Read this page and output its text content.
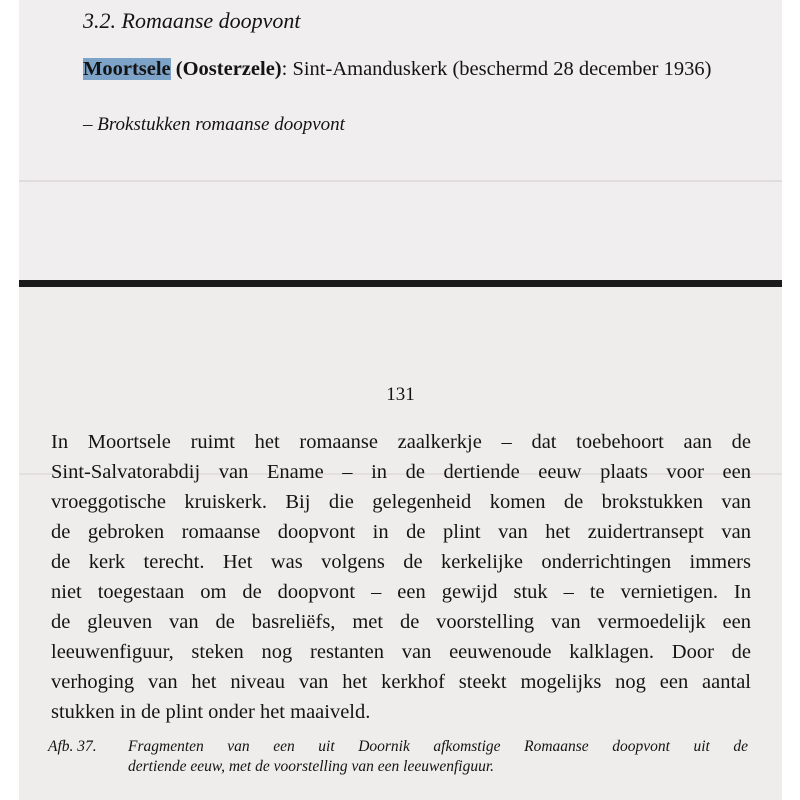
3.2. Romaanse doopvont
Moortsele (Oosterzele): Sint-Amanduskerk (beschermd 28 december 1936)
– Brokstukken romaanse doopvont
131
In Moortsele ruimt het romaanse zaalkerkje – dat toebehoort aan de
Sint-Salvatorabdij van Ename – in de dertiende eeuw plaats voor een
vroeggotische kruiskerk. Bij die gelegenheid komen de brokstukken van
de gebroken romaanse doopvont in de plint van het zuidertransept van
de kerk terecht. Het was volgens de kerkelijke onderrichtingen immers
niet toegestaan om de doopvont – een gewijd stuk – te vernietigen. In
de gleuven van de basreliëfs, met de voorstelling van vermoedelijk een
leeuwenfiguur, steken nog restanten van eeuwenoude kalklagen. Door de
verhoging van het niveau van het kerkhof steekt mogelijks nog een aantal
stukken in de plint onder het maaiveld.
Afb. 37.	Fragmenten van een uit Doornik afkomstige Romaanse doopvont uit de
dertiende eeuw, met de voorstelling van een leeuwenfiguur.
